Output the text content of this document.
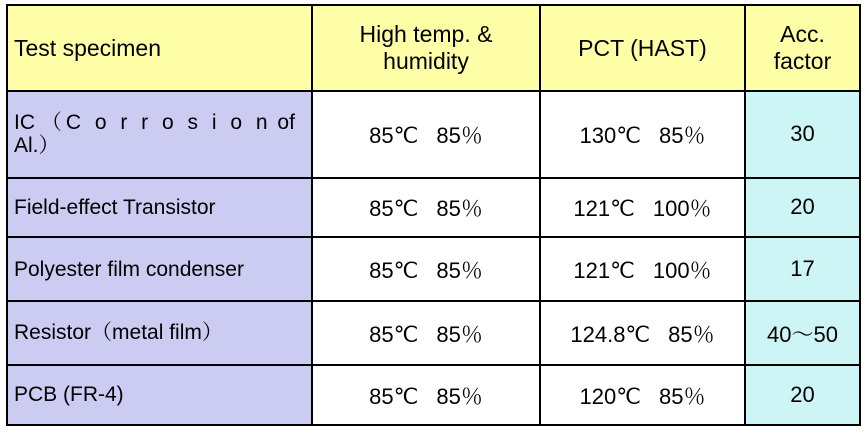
Test specimen	High temp. & humidity	PCT (HAST)	Acc. factor
IC （C o r r o s i o n of Al.）	85℃ 85％	130℃ 85％	30
Field-effect Transistor	85℃ 85％	121℃ 100％	20
Polyester film condenser	85℃ 85％	121℃ 100％	17
Resistor（metal film）	85℃ 85％	124.8℃ 85％	40〜50
PCB (FR-4)	85℃ 85％	120℃ 85％	20
